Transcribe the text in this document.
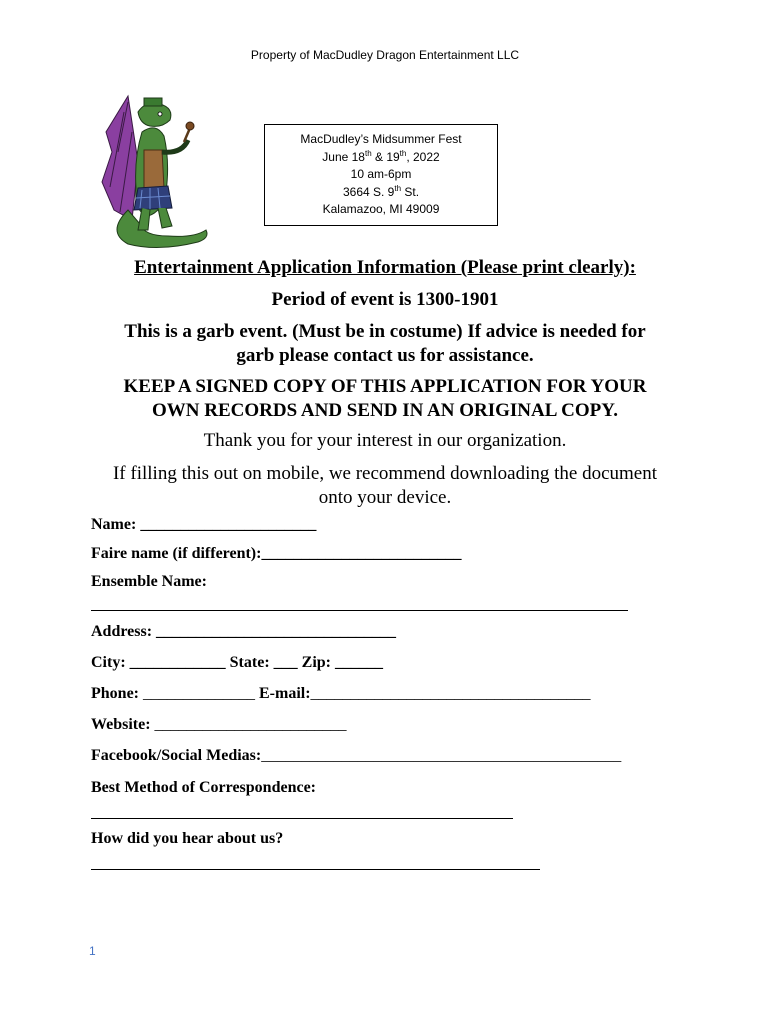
Property of MacDudley Dragon Entertainment LLC
MacDudley’s Midsummer Fest
June 18th & 19th, 2022
10 am-6pm
3664 S. 9th St.
Kalamazoo, MI 49009
Entertainment Application Information (Please print clearly):
Period of event is 1300-1901
This is a garb event. (Must be in costume) If advice is needed for
garb please contact us for assistance.
KEEP A SIGNED COPY OF THIS APPLICATION FOR YOUR
OWN RECORDS AND SEND IN AN ORIGINAL COPY.
Thank you for your interest in our organization.
If filling this out on mobile, we recommend downloading the document
onto your device.
Name: ______________________
Faire name (if different):_________________________
Ensemble Name:
Address: ______________________________
City: ____________ State: ___ Zip: ______
Phone: ______________ E-mail:___________________________________
Website: ________________________
Facebook/Social Medias:_____________________________________________
Best Method of Correspondence:
How did you hear about us?
1
